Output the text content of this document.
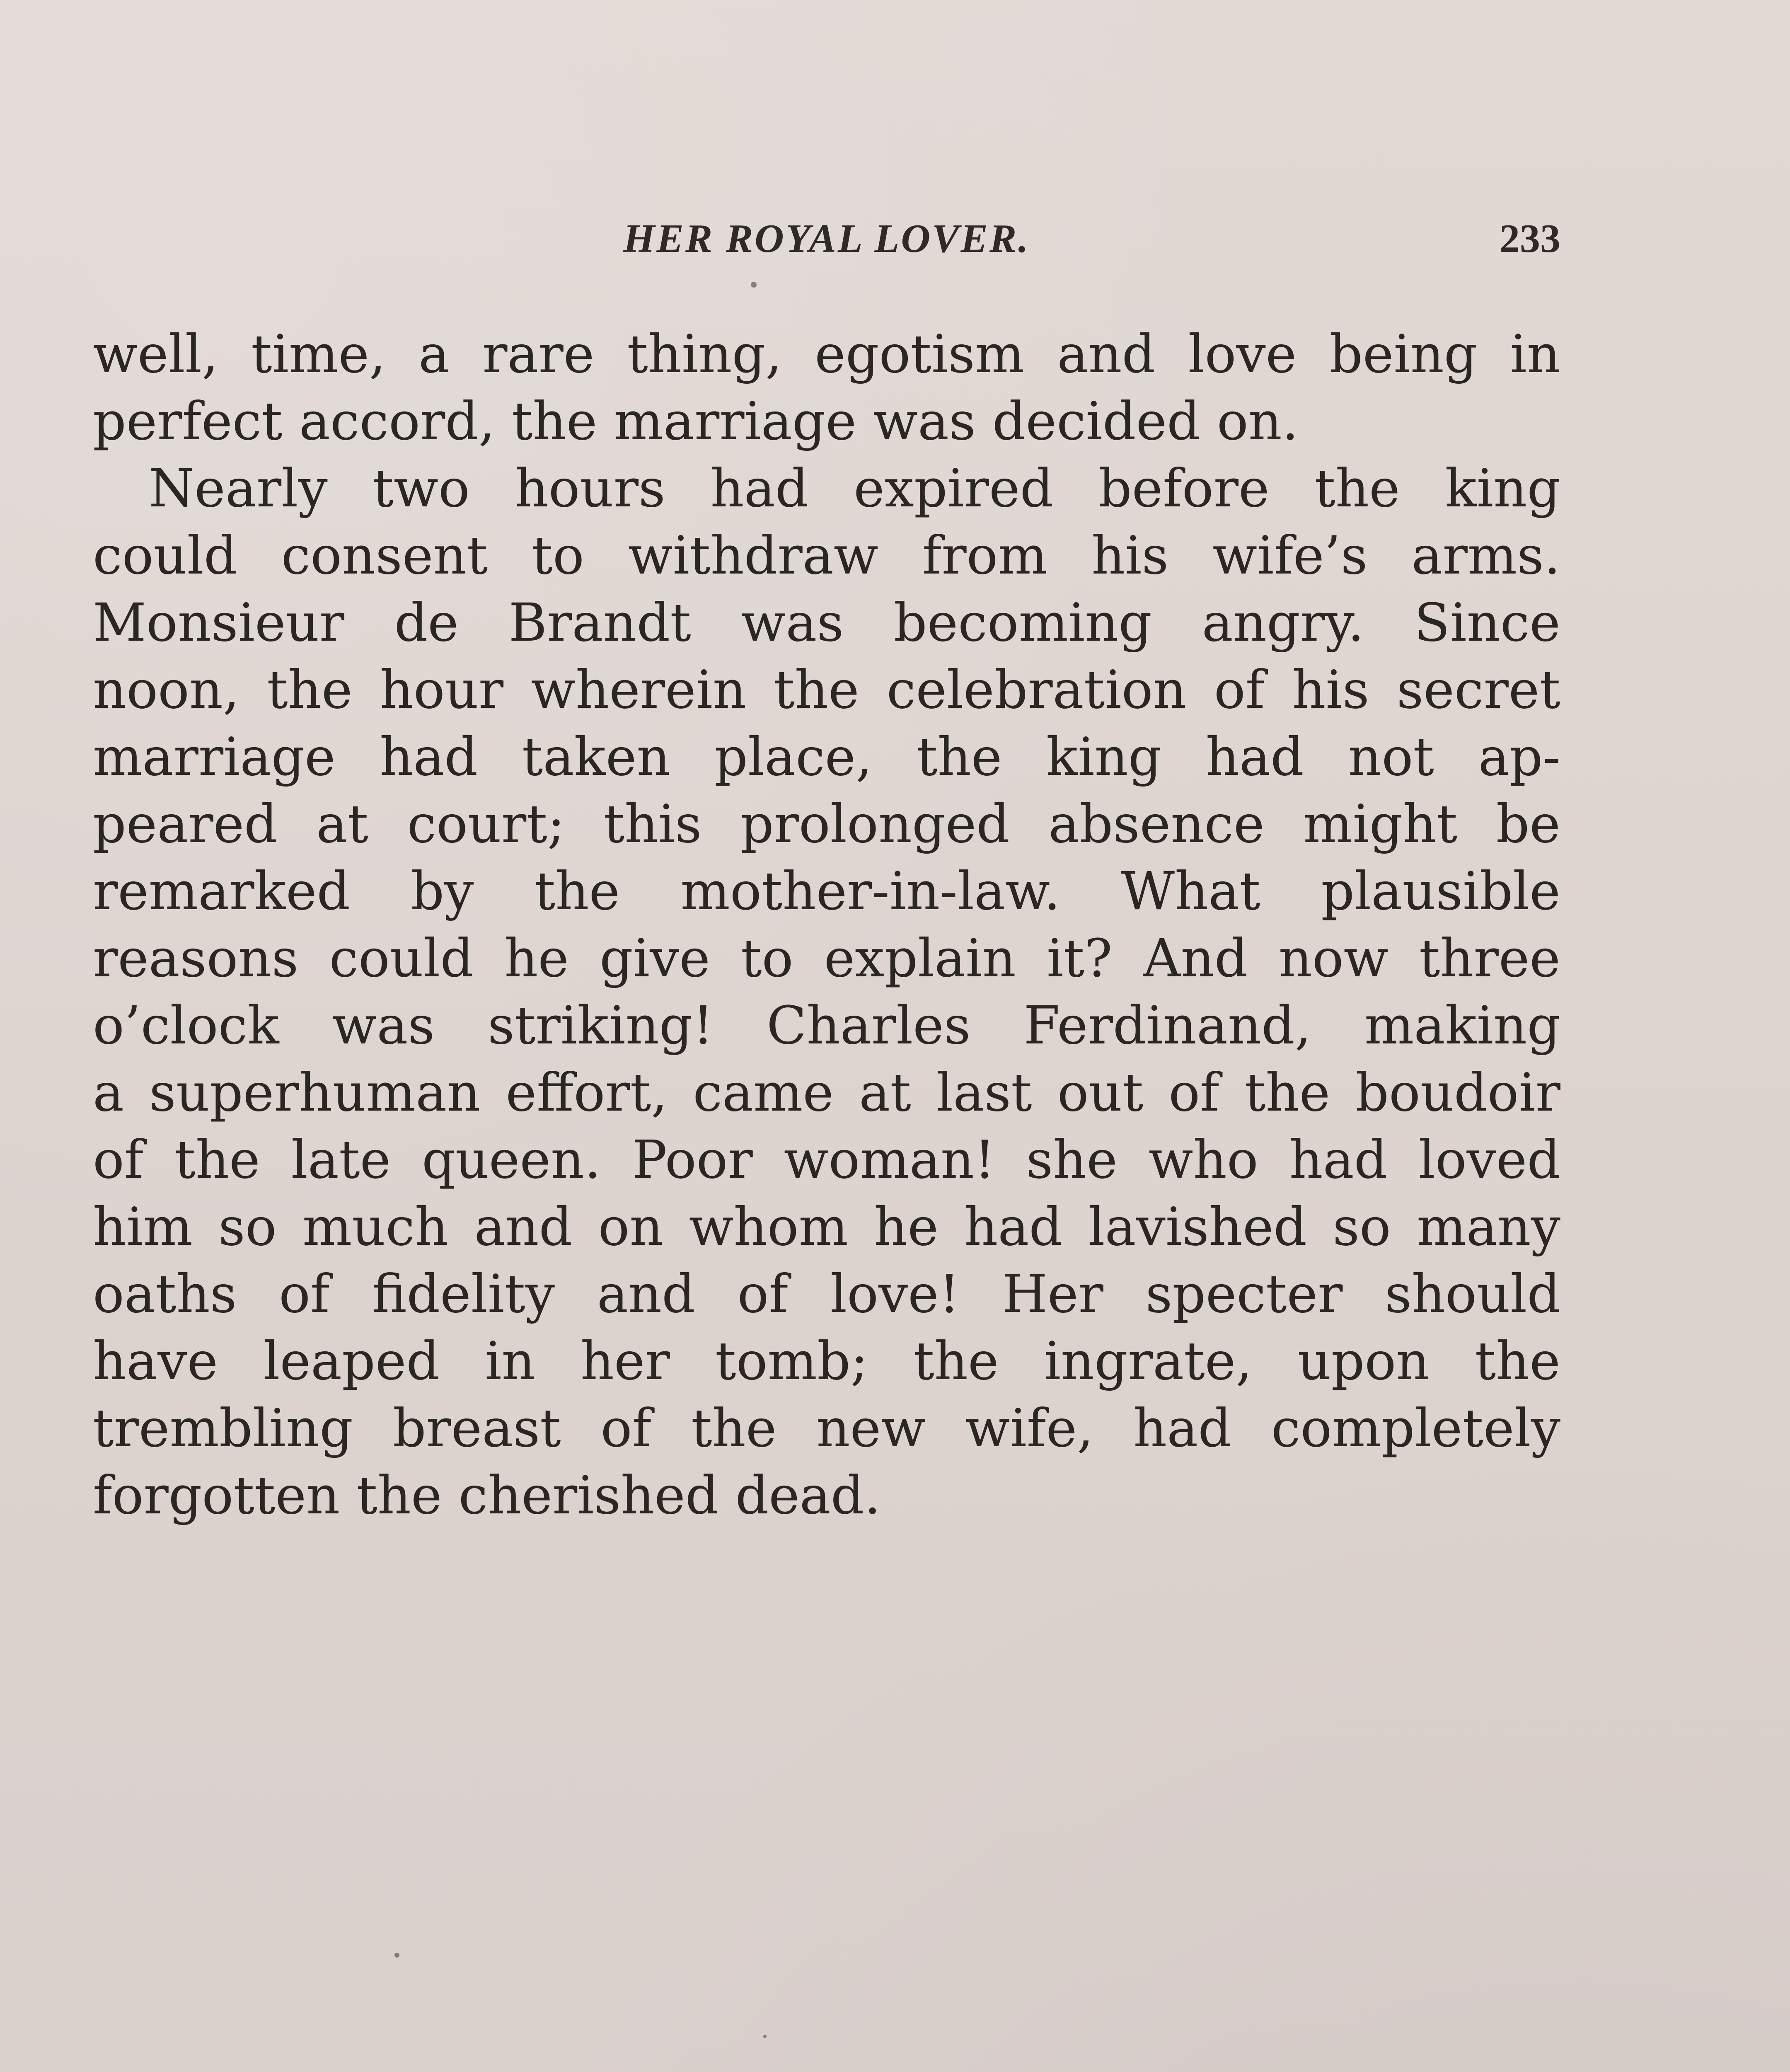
HER ROYAL LOVER.	233
well, time, a rare thing, egotism and love being in
perfect accord, the marriage was decided on.
Nearly two hours had expired before the king
could consent to withdraw from his wife’s arms.
Monsieur de Brandt was becoming angry. Since
noon, the hour wherein the celebration of his secret
marriage had taken place, the king had not ap-
peared at court; this prolonged absence might be
remarked by the mother-in-law. What plausible
reasons could he give to explain it? And now three
o’clock was striking! Charles Ferdinand, making
a superhuman effort, came at last out of the boudoir
of the late queen. Poor woman! she who had loved
him so much and on whom he had lavished so many
oaths of fidelity and of love! Her specter should
have leaped in her tomb; the ingrate, upon the
trembling breast of the new wife, had completely
forgotten the cherished dead.
